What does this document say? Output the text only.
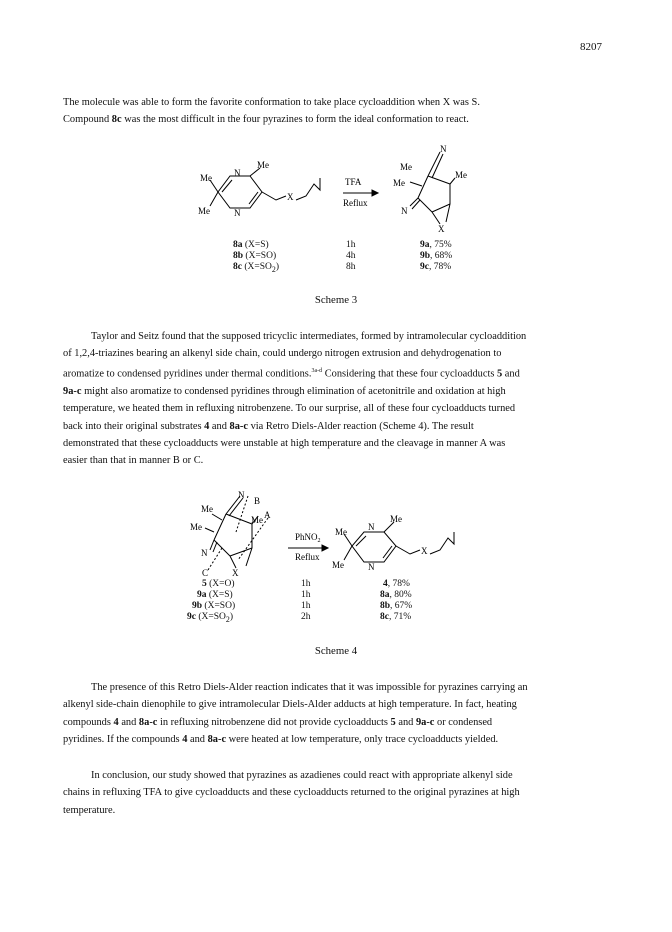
8207
The molecule was able to form the favorite conformation to take place cycloaddition when X was S.
Compound 8c was the most difficult in the four pyrazines to form the ideal conformation to react.
Me
Me
Me
X
N
N
TFA
Reflux
Me
Me
Me
N
N
X
8a (X=S)	1h	9a, 75%
8b (X=SO)	4h	9b, 68%
8c $(X=SO_2)$	8h	9c, 78%
Scheme 3
Taylor and Seitz found that the supposed tricyclic intermediates, formed by intramolecular cycloaddition
of 1,2,4-triazines bearing an alkenyl side chain, could undergo nitrogen extrusion and dehydrogenation to
aromatize to condensed pyridines under thermal conditions.$^{3a-d}$ Considering that these four cycloadducts 5 and
9a-c might also aromatize to condensed pyridines through elimination of acetonitrile and oxidation at high
temperature, we heated them in refluxing nitrobenzene. To our surprise, all of these four cycloadducts turned
back into their original substrates 4 and 8a-c via Retro Diels-Alder reaction (Scheme 4). The result
demonstrated that these cycloadducts were unstable at high temperature and the cleavage in manner A was
easier than that in manner B or C.
Me
Me
N
B
Me A
N
C	X
PhNO$_2$
Reflux
Me N
Me
Me	N
X
5 (X=O)	1h	4, 78%
9a (X=S)	1h	8a, 80%
9b (X=SO)	1h	8b, 67%
9c $(X=SO_2)$	2h	8c, 71%
Scheme 4
The presence of this Retro Diels-Alder reaction indicates that it was impossible for pyrazines carrying an
alkenyl side-chain dienophile to give intramolecular Diels-Alder adducts at high temperature. In fact, heating
compounds 4 and 8a-c in refluxing nitrobenzene did not provide cycloadducts 5 and 9a-c or condensed
pyridines. If the compounds 4 and 8a-c were heated at low temperature, only trace cycloadducts yielded.
In conclusion, our study showed that pyrazines as azadienes could react with appropriate alkenyl side
chains in refluxing TFA to give cycloadducts and these cycloadducts returned to the original pyrazines at high
temperature.
